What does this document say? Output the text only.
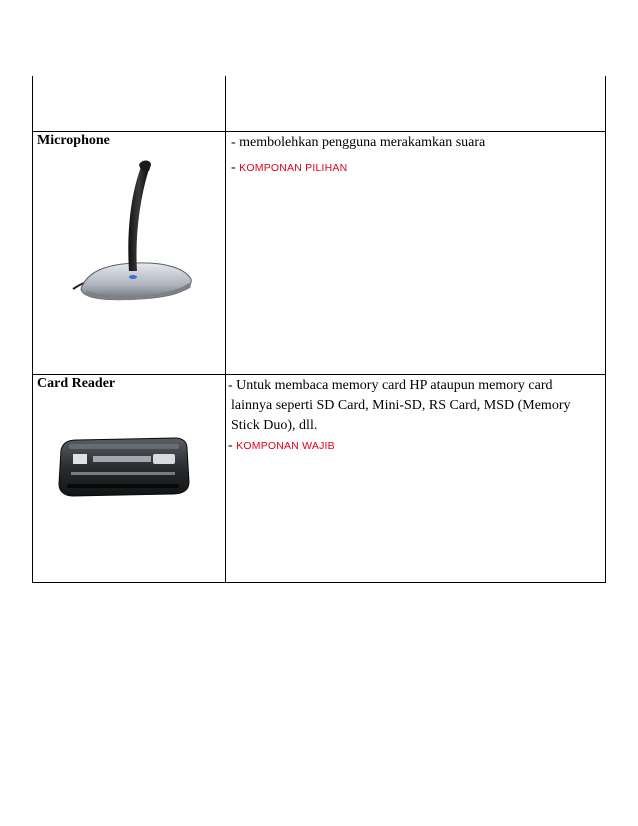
Microphone	- membolehkan pengguna merakamkan suara

- KOMPONAN PILIHAN

Card Reader	- Untuk membaca memory card HP ataupun memory card

lainnya seperti SD Card, Mini-SD, RS Card, MSD (Memory

Stick Duo), dll.

- KOMPONAN WAJIB
